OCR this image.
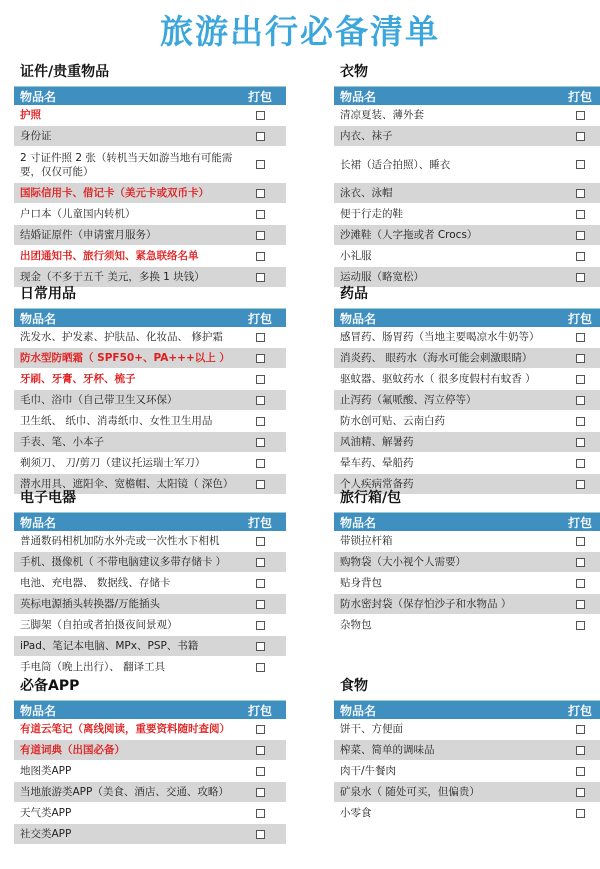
旅游出行必备清单
证件/贵重物品
物品名	打包
护照
身份证
2 寸证件照 2 张（转机当天如游当地有可能需要，仅仅可能）
国际信用卡、借记卡（美元卡或双币卡）
户口本（儿童国内转机）
结婚证原件（申请蜜月服务）
出团通知书、旅行须知、紧急联络名单
现金（不多于五千 美元，多换 1 块钱）
日常用品
物品名	打包
洗发水、护发素、护肤品、化妆品、 修护霜
防水型防晒霜（ SPF50+、PA+++以上 ）
牙刷、牙膏、牙杯、梳子
毛巾、浴巾（自己带卫生又环保）
卫生纸、 纸巾、消毒纸巾、女性卫生用品
手表、笔、小本子
剃须刀、 刀/剪刀（建议托运瑞士军刀）
潜水用具、遮阳伞、宽檐帽、太阳镜（ 深色）
电子电器
物品名	打包
普通数码相机加防水外壳或一次性水下相机
手机、摄像机（ 不带电脑建议多带存储卡 ）
电池、充电器、 数据线、存储卡
英标电源插头转换器/万能插头
三脚架（自拍或者拍摄夜间景观）
iPad、笔记本电脑、MPx、PSP、书籍
手电筒（晚上出行）、 翻译工具
必备APP
物品名	打包
有道云笔记（离线阅读，重要资料随时查阅）
有道词典（出国必备）
地图类APP
当地旅游类APP（美食、酒店、交通、攻略）
天气类APP
社交类APP
衣物
物品名	打包
清凉夏装、薄外套
内衣、袜子
长裙（适合拍照）、睡衣
泳衣、泳帽
便于行走的鞋
沙滩鞋（人字拖或者 Crocs）
小礼服
运动服（略宽松）
药品
物品名	打包
感冒药、肠胃药（当地主要喝凉水牛奶等）
消炎药、 眼药水（海水可能会刺激眼睛）
驱蚊器、驱蚊药水（ 很多度假村有蚊香 ）
止泻药（氟哌酸、泻立停等）
防水创可贴、云南白药
风油精、解暑药
晕车药、晕船药
个人疾病常备药
旅行箱/包
物品名	打包
带锁拉杆箱
购物袋（大小视个人需要）
贴身背包
防水密封袋（保存怕沙子和水物品 ）
杂物包
食物
物品名	打包
饼干、方便面
榨菜、简单的调味品
肉干/牛餐肉
矿泉水（ 随处可买，但偏贵）
小零食
